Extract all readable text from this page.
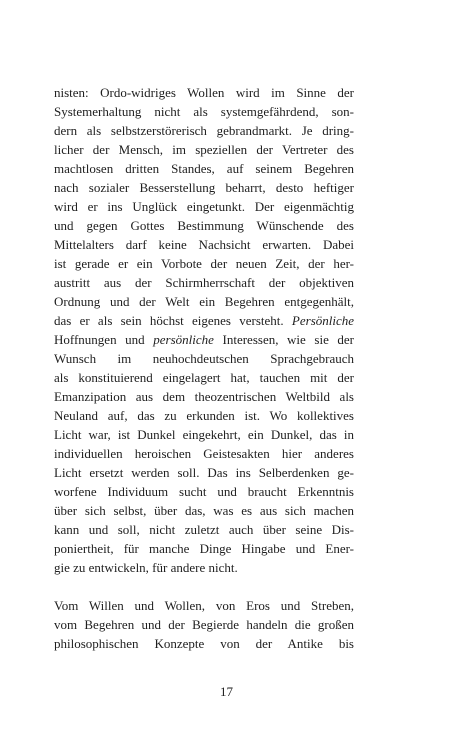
nisten: Ordo-widriges Wollen wird im Sinne der
Systemerhaltung nicht als systemgefährdend, son-
dern als selbstzerstörerisch gebrandmarkt. Je dring-
licher der Mensch, im speziellen der Vertreter des
machtlosen dritten Standes, auf seinem Begehren
nach sozialer Besserstellung beharrt, desto heftiger
wird er ins Unglück eingetunkt. Der eigenmächtig
und gegen Gottes Bestimmung Wünschende des
Mittelalters darf keine Nachsicht erwarten. Dabei
ist gerade er ein Vorbote der neuen Zeit, der her-
austritt aus der Schirmherrschaft der objektiven
Ordnung und der Welt ein Begehren entgegenhält,
das er als sein höchst eigenes versteht. Persönliche
Hoffnungen und persönliche Interessen, wie sie der
Wunsch im neuhochdeutschen Sprachgebrauch
als konstituierend eingelagert hat, tauchen mit der
Emanzipation aus dem theozentrischen Weltbild als
Neuland auf, das zu erkunden ist. Wo kollektives
Licht war, ist Dunkel eingekehrt, ein Dunkel, das in
individuellen heroischen Geistesakten hier anderes
Licht ersetzt werden soll. Das ins Selberdenken ge-
worfene Individuum sucht und braucht Erkenntnis
über sich selbst, über das, was es aus sich machen
kann und soll, nicht zuletzt auch über seine Dis-
poniertheit, für manche Dinge Hingabe und Ener-
gie zu entwickeln, für andere nicht.
Vom Willen und Wollen, von Eros und Streben,
vom Begehren und der Begierde handeln die großen
philosophischen Konzepte von der Antike bis
17
